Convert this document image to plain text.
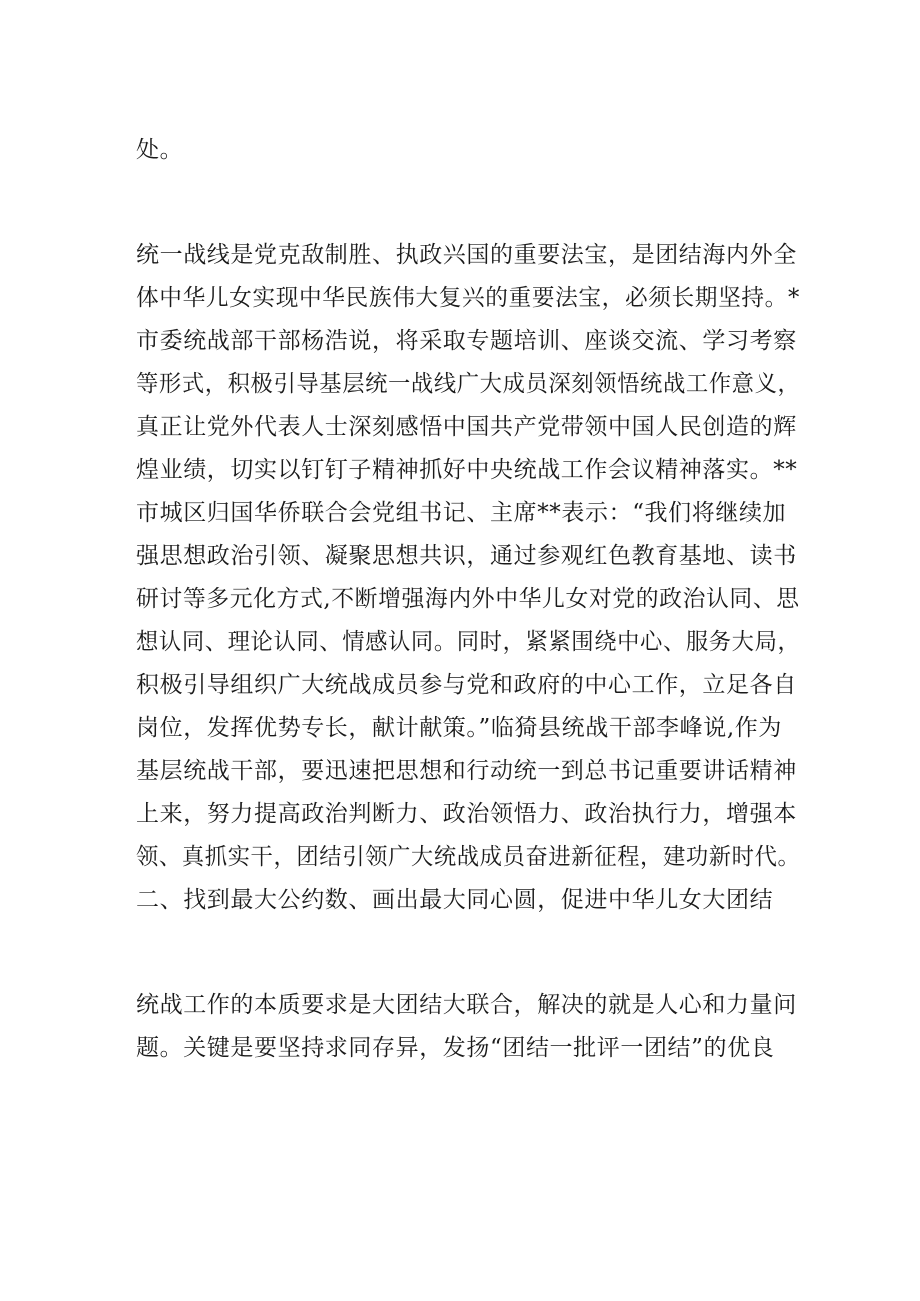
处。
统一战线是党克敌制胜、执政兴国的重要法宝，是团结海内外全
体中华儿女实现中华民族伟大复兴的重要法宝，必须长期坚持。*
市委统战部干部杨浩说，将采取专题培训、座谈交流、学习考察
等形式，积极引导基层统一战线广大成员深刻领悟统战工作意义，
真正让党外代表人士深刻感悟中国共产党带领中国人民创造的辉
煌业绩，切实以钉钉子精神抓好中央统战工作会议精神落实。**
市城区归国华侨联合会党组书记、主席**表示：“我们将继续加
强思想政治引领、凝聚思想共识，通过参观红色教育基地、读书
研讨等多元化方式,不断增强海内外中华儿女对党的政治认同、思
想认同、理论认同、情感认同。同时，紧紧围绕中心、服务大局，
积极引导组织广大统战成员参与党和政府的中心工作，立足各自
岗位，发挥优势专长，献计献策。”临猗县统战干部李峰说,作为
基层统战干部，要迅速把思想和行动统一到总书记重要讲话精神
上来，努力提高政治判断力、政治领悟力、政治执行力，增强本
领、真抓实干，团结引领广大统战成员奋进新征程，建功新时代。
二、找到最大公约数、画出最大同心圆，促进中华儿女大团结
统战工作的本质要求是大团结大联合，解决的就是人心和力量问
题。关键是要坚持求同存异，发扬“团结一批评一团结”的优良
